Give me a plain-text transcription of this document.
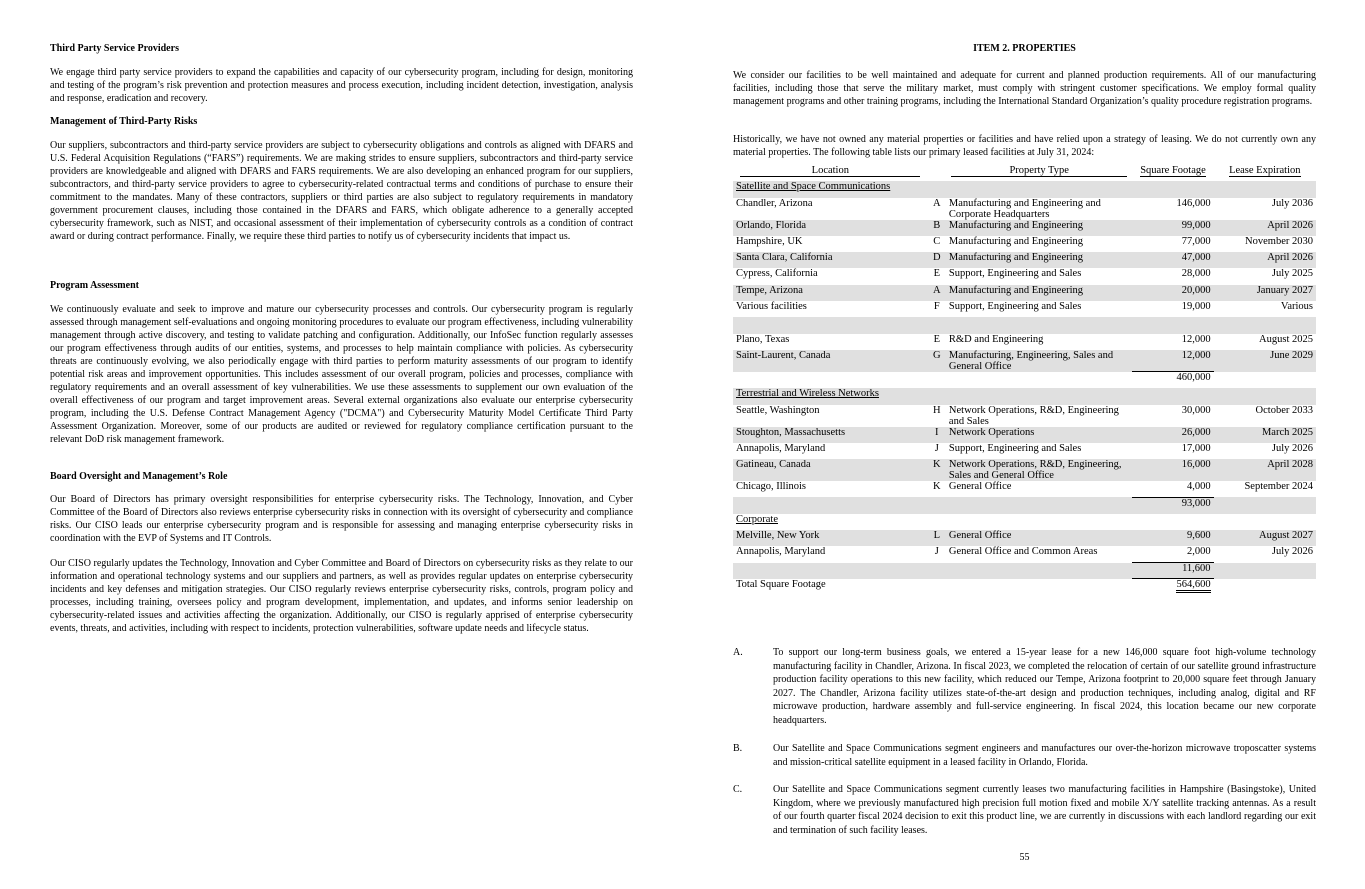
Third Party Service Providers

We engage third party service providers to expand the capabilities and capacity of our cybersecurity program, including for design, monitoring and testing of the program’s risk prevention and protection measures and process execution, including incident detection, investigation, analysis and response, eradication and recovery.

Management of Third-Party Risks

Our suppliers, subcontractors and third-party service providers are subject to cybersecurity obligations and controls as aligned with DFARS and U.S. Federal Acquisition Regulations (“FARS”) requirements. We are making strides to ensure suppliers, subcontractors and third-party service providers are knowledgeable and aligned with DFARS and FARS requirements. We are also developing an enhanced program for our suppliers, subcontractors, and third-party service providers to agree to cybersecurity-related contractual terms and conditions of purchase to ensure their commitment to the mandates. Many of these contractors, suppliers or third parties are also subject to regulatory requirements in mandatory government procurement clauses, including those contained in the DFARS and FARS, which obligate adherence to a generally accepted cybersecurity framework, such as NIST, and occasional assessment of their implementation of cybersecurity controls as a condition of contract award or during contract performance. Finally, we require these third parties to notify us of cybersecurity incidents that impact us.

Program Assessment

We continuously evaluate and seek to improve and mature our cybersecurity processes and controls. Our cybersecurity program is regularly assessed through management self-evaluations and ongoing monitoring procedures to evaluate our program effectiveness, including vulnerability management through active discovery, and testing to validate patching and configuration. Additionally, our InfoSec function regularly assesses our program effectiveness through audits of our entities, systems, and processes to help maintain compliance with policies. As cybersecurity threats are continuously evolving, we also periodically engage with third parties to perform maturity assessments of our program to identify potential risk areas and improvement opportunities. This includes assessment of our overall program, policies and processes, compliance with regulatory requirements and an overall assessment of key vulnerabilities. We use these assessments to supplement our own evaluation of the overall effectiveness of our program and target improvement areas. Several external organizations also evaluate our enterprise cybersecurity program, including the U.S. Defense Contract Management Agency ("DCMA") and Cybersecurity Maturity Model Certificate Third Party Assessment Organization. Moreover, some of our products are audited or reviewed for regulatory compliance certification pursuant to the relevant DoD risk management framework.

Board Oversight and Management’s Role

Our Board of Directors has primary oversight responsibilities for enterprise cybersecurity risks. The Technology, Innovation, and Cyber Committee of the Board of Directors also reviews enterprise cybersecurity risks in connection with its oversight of cybersecurity and compliance risks. Our CISO leads our enterprise cybersecurity program and is responsible for assessing and managing enterprise cybersecurity risks in coordination with the EVP of Systems and IT Controls.

Our CISO regularly updates the Technology, Innovation and Cyber Committee and Board of Directors on cybersecurity risks as they relate to our information and operational technology systems and our suppliers and partners, as well as provides regular updates on enterprise cybersecurity incidents and key defenses and mitigation strategies. Our CISO regularly reviews enterprise cybersecurity risks, controls, program policy and processes, including training, oversees policy and program development, implementation, and updates, and informs senior leadership on cybersecurity-related issues and activities affecting the organization. Additionally, our CISO is regularly apprised of enterprise cybersecurity events, threats, and activities, including with respect to incidents, protection vulnerabilities, software update needs and lifecycle status.

ITEM 2. PROPERTIES

We consider our facilities to be well maintained and adequate for current and planned production requirements. All of our manufacturing facilities, including those that serve the military market, must comply with stringent customer specifications. We employ formal quality management programs and other training programs, including the International Standard Organization’s quality procedure registration programs.

Historically, we have not owned any material properties or facilities and have relied upon a strategy of leasing. We do not currently own any material properties. The following table lists our primary leased facilities at July 31, 2024:

Location		Property Type	Square Footage	Lease Expiration
Satellite and Space Communications				
Chandler, Arizona	A	Manufacturing and Engineering and Corporate Headquarters	146,000	July 2036
Orlando, Florida	B	Manufacturing and Engineering	99,000	April 2026
Hampshire, UK	C	Manufacturing and Engineering	77,000	November 2030
Santa Clara, California	D	Manufacturing and Engineering	47,000	April 2026
Cypress, California	E	Support, Engineering and Sales	28,000	July 2025
Tempe, Arizona	A	Manufacturing and Engineering	20,000	January 2027
Various facilities	F	Support, Engineering and Sales	19,000	Various

Plano, Texas	E	R&D and Engineering	12,000	August 2025
Saint-Laurent, Canada	G	Manufacturing, Engineering, Sales and General Office	12,000	June 2029
			460,000	
Terrestrial and Wireless Networks				
Seattle, Washington	H	Network Operations, R&D, Engineering and Sales	30,000	October 2033
Stoughton, Massachusetts	I	Network Operations	26,000	March 2025
Annapolis, Maryland	J	Support, Engineering and Sales	17,000	July 2026
Gatineau, Canada	K	Network Operations, R&D, Engineering, Sales and General Office	16,000	April 2028
Chicago, Illinois	K	General Office	4,000	September 2024
			93,000	
Corporate				
Melville, New York	L	General Office	9,600	August 2027
Annapolis, Maryland	J	General Office and Common Areas	2,000	July 2026
			11,600	
Total Square Footage			564,600	
A.	To support our long-term business goals, we entered a 15-year lease for a new 146,000 square foot high-volume technology manufacturing facility in Chandler, Arizona. In fiscal 2023, we completed the relocation of certain of our satellite ground infrastructure production facility operations to this new facility, which reduced our Tempe, Arizona footprint to 20,000 square feet through January 2027. The Chandler, Arizona facility utilizes state-of-the-art design and production techniques, including analog, digital and RF microwave production, hardware assembly and full-service engineering. In fiscal 2024, this location became our new corporate headquarters.
B.	Our Satellite and Space Communications segment engineers and manufactures our over-the-horizon microwave troposcatter systems and mission-critical satellite equipment in a leased facility in Orlando, Florida.
C.	Our Satellite and Space Communications segment currently leases two manufacturing facilities in Hampshire (Basingstoke), United Kingdom, where we previously manufactured high precision full motion fixed and mobile X/Y satellite tracking antennas. As a result of our fourth quarter fiscal 2024 decision to exit this product line, we are currently in discussions with each landlord regarding our exit and termination of such facility leases.
55
